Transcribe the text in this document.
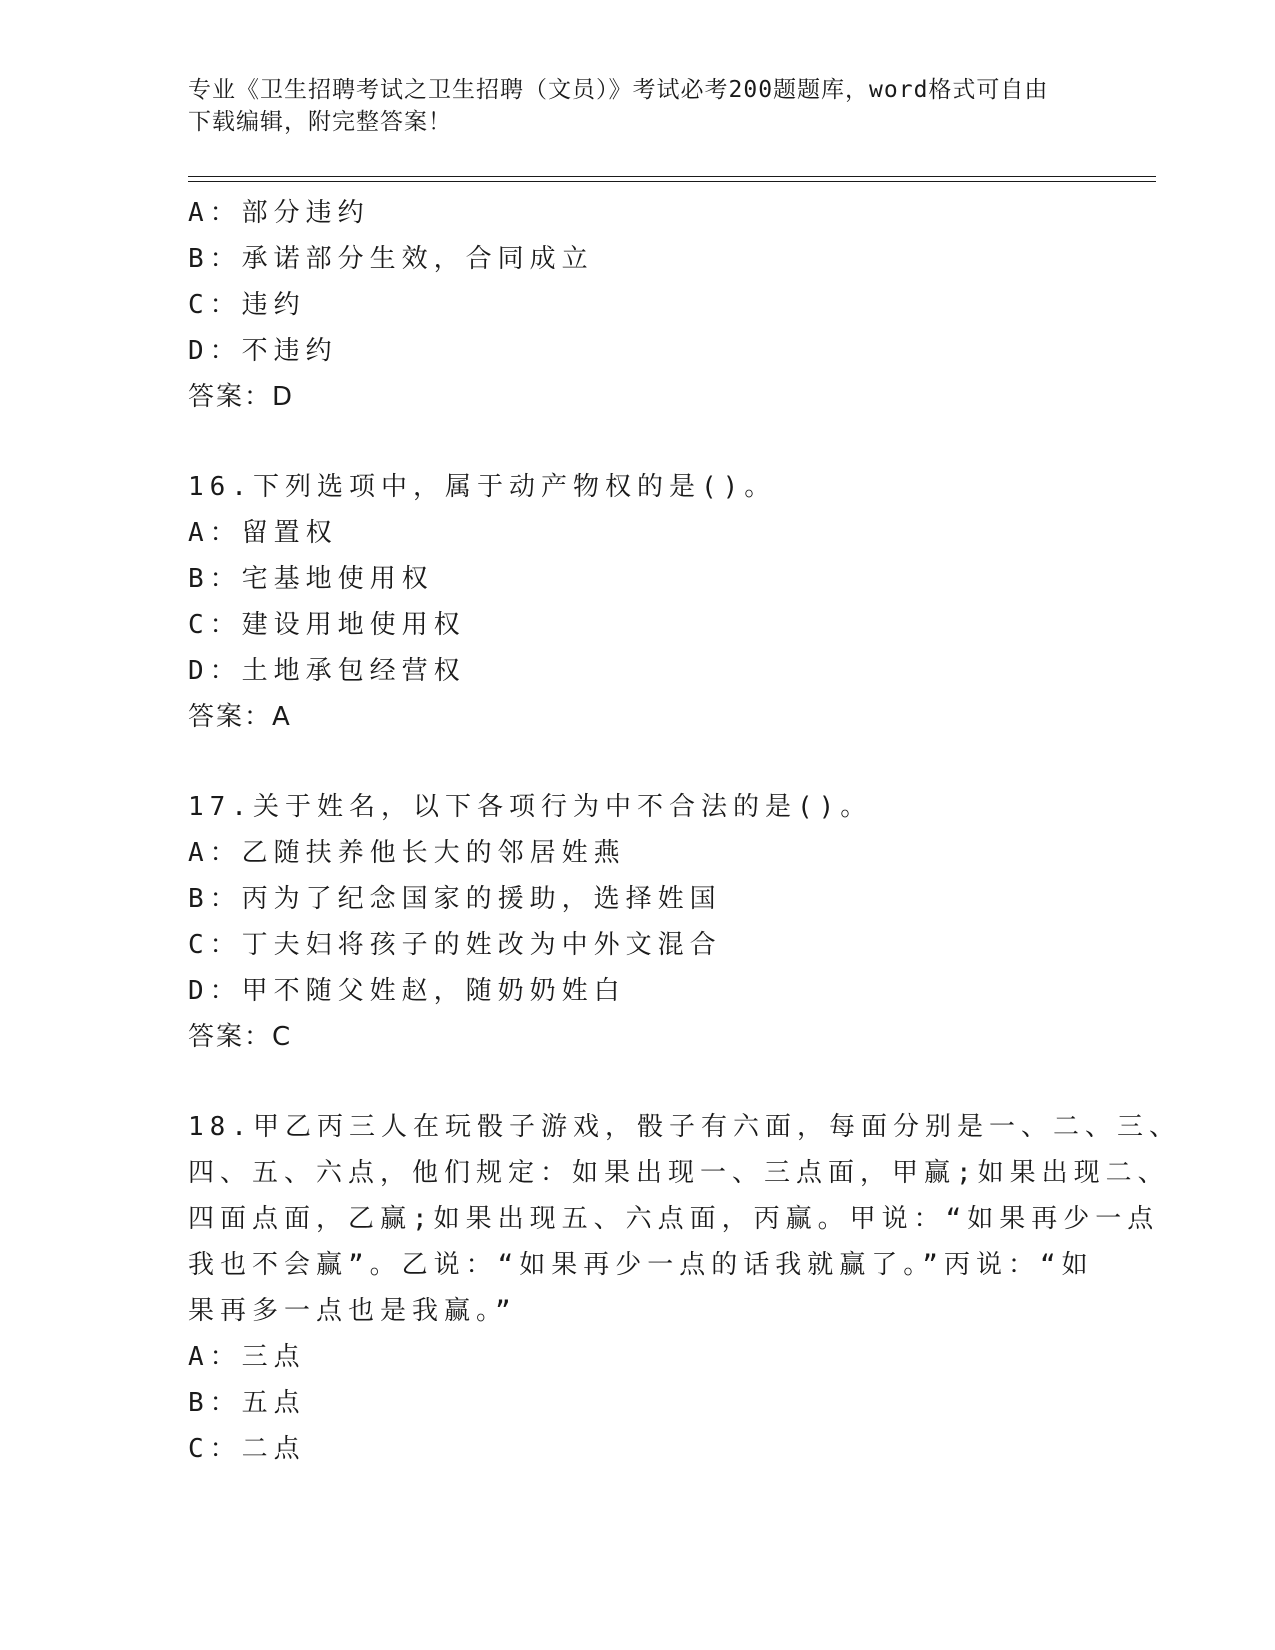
专业《卫生招聘考试之卫生招聘（文员）》考试必考200题题库，word格式可自由下载编辑，附完整答案！
A：部分违约
B：承诺部分生效，合同成立
C：违约
D：不违约
答案：D
16.下列选项中，属于动产物权的是()。
A：留置权
B：宅基地使用权
C：建设用地使用权
D：土地承包经营权
答案：A
17.关于姓名，以下各项行为中不合法的是()。
A：乙随扶养他长大的邻居姓燕
B：丙为了纪念国家的援助，选择姓国
C：丁夫妇将孩子的姓改为中外文混合
D：甲不随父姓赵，随奶奶姓白
答案：C
18.甲乙丙三人在玩骰子游戏，骰子有六面，每面分别是一、二、三、
四、五、六点，他们规定：如果出现一、三点面，甲赢;如果出现二、
四面点面，乙赢;如果出现五、六点面，丙赢。甲说：“如果再少一点
我也不会赢”。乙说：“如果再少一点的话我就赢了。”丙说：“如
果再多一点也是我赢。”
A：三点
B：五点
C：二点
